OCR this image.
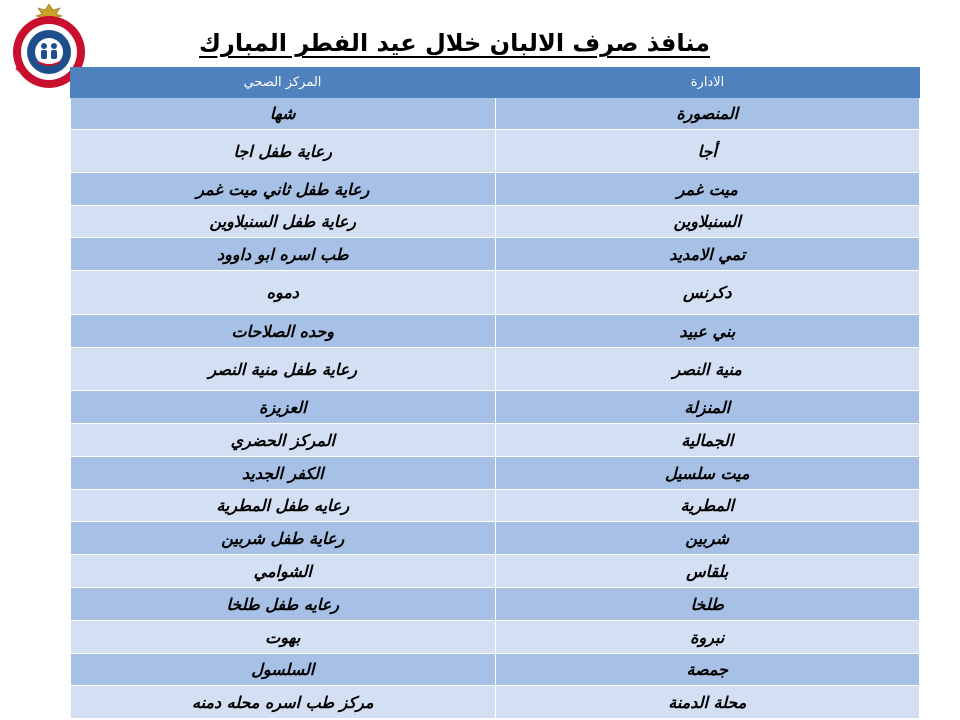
منافذ صرف الالبان خلال عيد الفطر المبارك
المركز الصحي	الادارة
شها	المنصورة
رعاية طفل اجا	أجا
رعاية طفل ثاني ميت غمر	ميت غمر
رعاية طفل السنبلاوين	السنبلاوين
طب اسره ابو داوود	تمي الامديد
دموه	دكرنس
وحده الصلاحات	بني عبيد
رعاية طفل منية النصر	منية النصر
العزيزة	المنزلة
المركز الحضري	الجمالية
الكفر الجديد	ميت سلسيل
رعايه طفل المطرية	المطرية
رعاية طفل شربين	شربين
الشوامي	بلقاس
رعايه طفل طلخا	طلخا
بهوت	نبروة
السلسول	جمصة
مركز طب اسره محله دمنه	محلة الدمنة
